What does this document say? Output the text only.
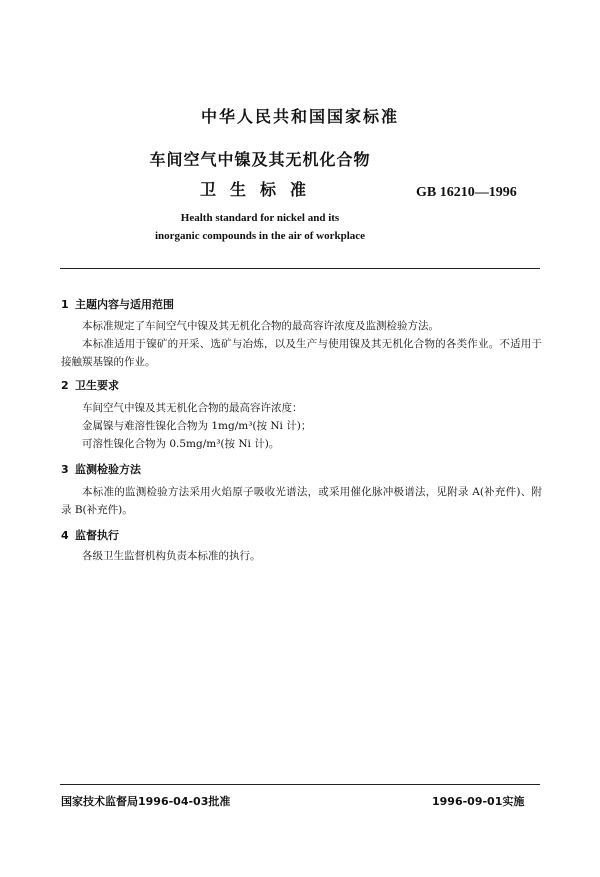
中华人民共和国国家标准
车间空气中镍及其无机化合物
卫生标准	GB 16210—1996
Health standard for nickel and its
inorganic compounds in the air of workplace
1 主题内容与适用范围
本标准规定了车间空气中镍及其无机化合物的最高容许浓度及监测检验方法。
本标准适用于镍矿的开采、选矿与冶炼，以及生产与使用镍及其无机化合物的各类作业。不适用于接触羰基镍的作业。
2 卫生要求
车间空气中镍及其无机化合物的最高容许浓度：
金属镍与难溶性镍化合物为 1mg/m³(按 Ni 计)；
可溶性镍化合物为 0.5mg/m³(按 Ni 计)。
3 监测检验方法
本标准的监测检验方法采用火焰原子吸收光谱法，或采用催化脉冲极谱法，见附录 A(补充件)、附录 B(补充件)。
4 监督执行
各级卫生监督机构负责本标准的执行。
国家技术监督局1996-04-03批准	1996-09-01实施
